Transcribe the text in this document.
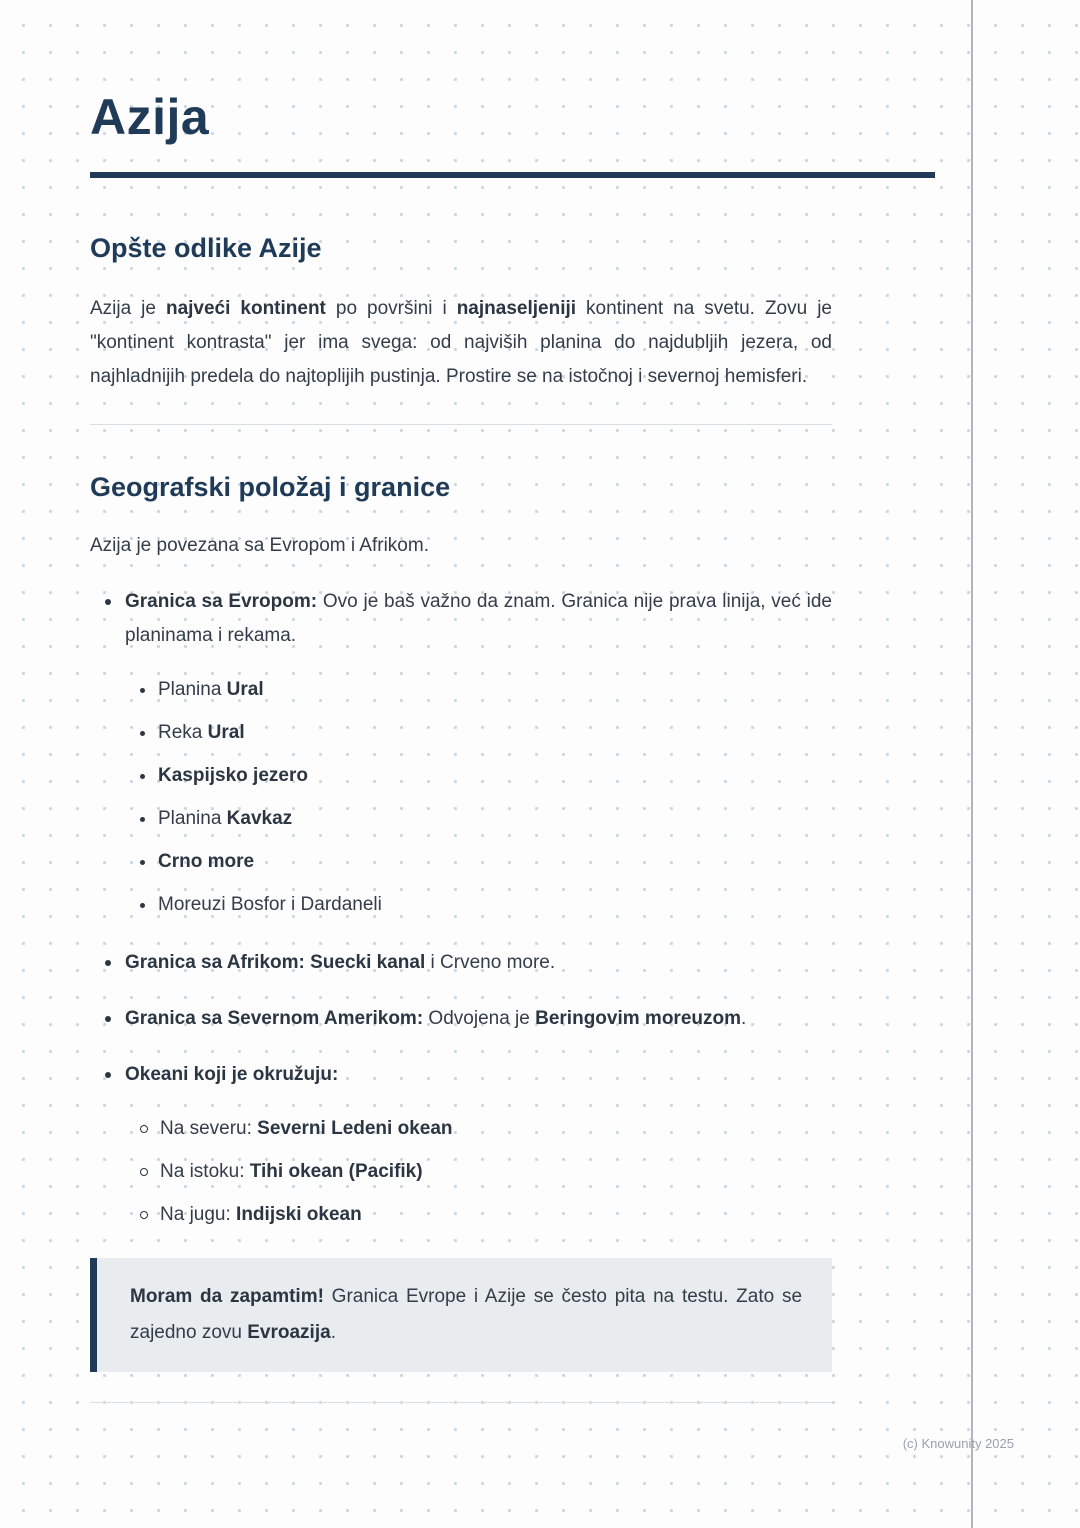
Azija
Opšte odlike Azije

Azija je najveći kontinent po površini i najnaseljeniji kontinent na svetu. Zovu je "kontinent kontrasta" jer ima svega: od najviših planina do najdubljih jezera, od najhladnijih predela do najtoplijih pustinja. Prostire se na istočnoj i severnoj hemisferi.

Geografski položaj i granice

Azija je povezana sa Evropom i Afrikom.

Granica sa Evropom: Ovo je baš važno da znam. Granica nije prava linija, već ide planinama i rekama.
Planina Ural
Reka Ural
Kaspijsko jezero
Planina Kavkaz
Crno more
Moreuzi Bosfor i Dardaneli
Granica sa Afrikom: Suecki kanal i Crveno more.
Granica sa Severnom Amerikom: Odvojena je Beringovim moreuzom.
Okeani koji je okružuju:
Na severu: Severni Ledeni okean
Na istoku: Tihi okean (Pacifik)
Na jugu: Indijski okean
Moram da zapamtim! Granica Evrope i Azije se često pita na testu. Zato se zajedno zovu Evroazija.
(c) Knowunity 2025
